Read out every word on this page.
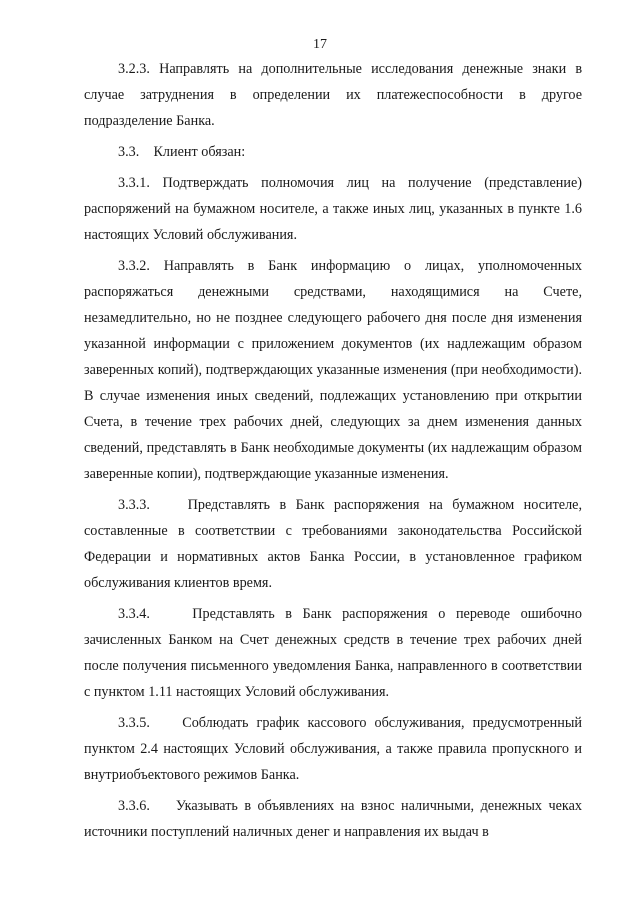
17

3.2.3. Направлять на дополнительные исследования денежные знаки в случае затруднения в определении их платежеспособности в другое подразделение Банка.

3.3. Клиент обязан:

3.3.1. Подтверждать полномочия лиц на получение (представление) распоряжений на бумажном носителе, а также иных лиц, указанных в пункте 1.6 настоящих Условий обслуживания.

3.3.2. Направлять в Банк информацию о лицах, уполномоченных распоряжаться денежными средствами, находящимися на Счете, незамедлительно, но не позднее следующего рабочего дня после дня изменения указанной информации с приложением документов (их надлежащим образом заверенных копий), подтверждающих указанные изменения (при необходимости). В случае изменения иных сведений, подлежащих установлению при открытии Счета, в течение трех рабочих дней, следующих за днем изменения данных сведений, представлять в Банк необходимые документы (их надлежащим образом заверенные копии), подтверждающие указанные изменения.

3.3.3.	Представлять в Банк распоряжения на бумажном носителе, составленные в соответствии с требованиями законодательства Российской Федерации и нормативных актов Банка России, в установленное графиком обслуживания клиентов время.

3.3.4.	Представлять в Банк распоряжения о переводе ошибочно зачисленных Банком на Счет денежных средств в течение трех рабочих дней после получения письменного уведомления Банка, направленного в соответствии с пунктом 1.11 настоящих Условий обслуживания.

3.3.5. Соблюдать график кассового обслуживания, предусмотренный пунктом 2.4 настоящих Условий обслуживания, а также правила пропускного и внутриобъектового режимов Банка.

3.3.6. Указывать в объявлениях на взнос наличными, денежных чеках источники поступлений наличных денег и направления их выдач в
